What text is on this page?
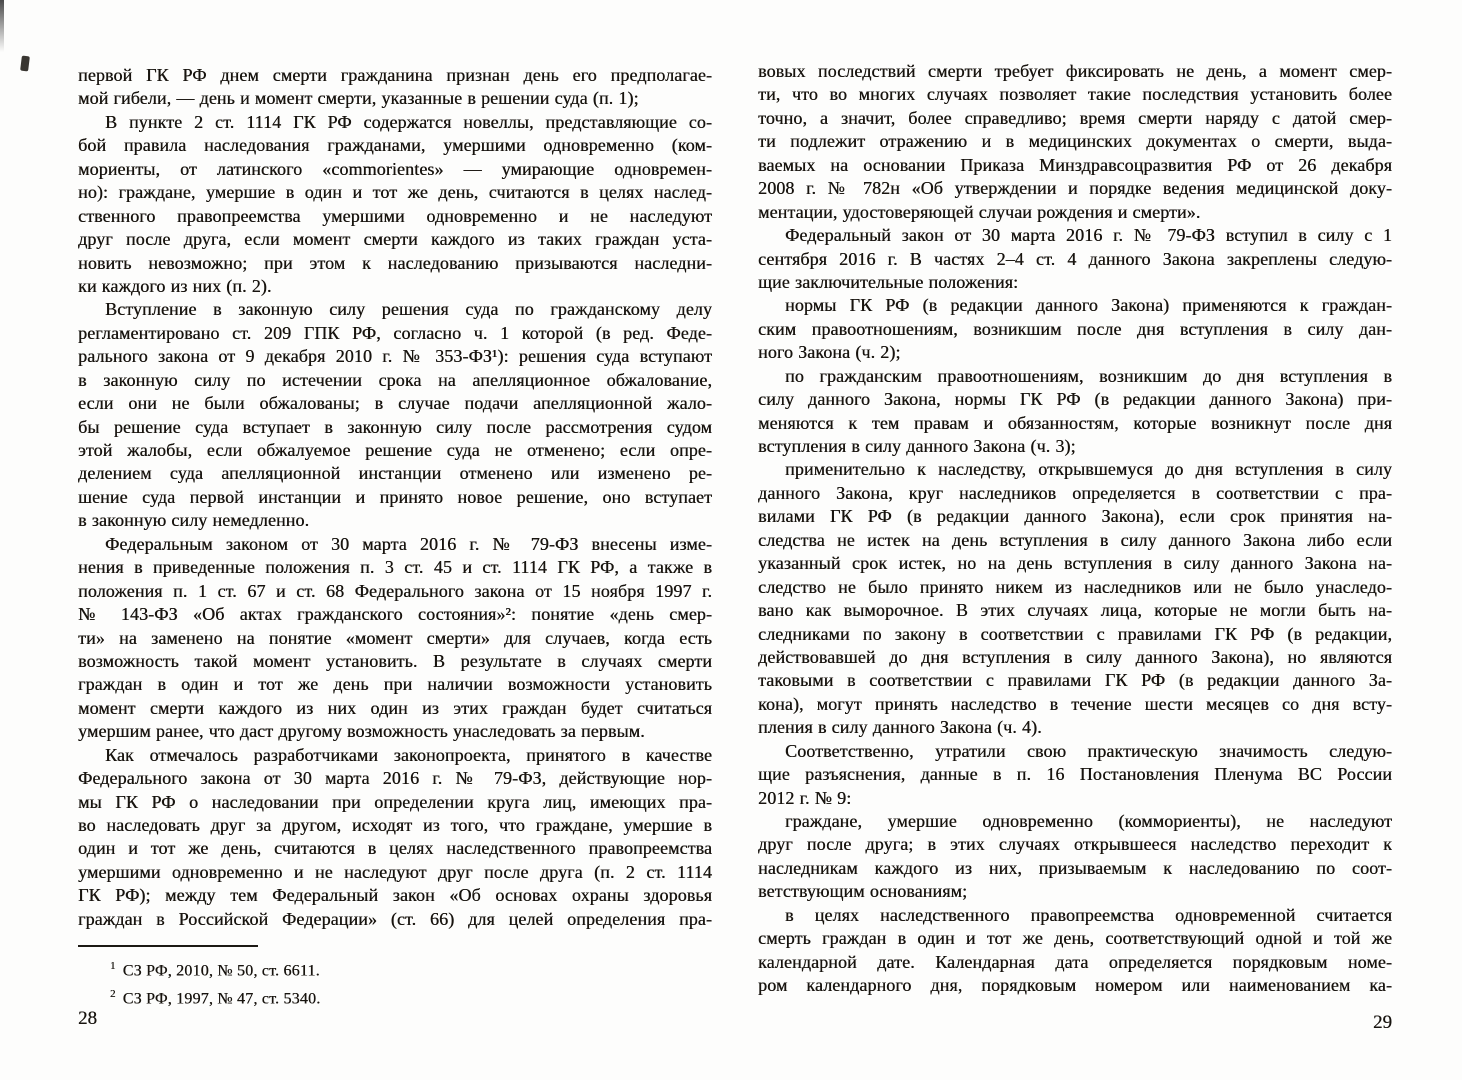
первой ГК РФ днем смерти гражданина признан день его предполагае-
мой гибели, — день и момент смерти, указанные в решении суда (п. 1);
В пункте 2 ст. 1114 ГК РФ содержатся новеллы, представляющие со-
бой правила наследования гражданами, умершими одновременно (ком-
мориенты, от латинского «commorientes» — умирающие одновремен-
но): граждане, умершие в один и тот же день, считаются в целях наслед-
ственного правопреемства умершими одновременно и не наследуют
друг после друга, если момент смерти каждого из таких граждан уста-
новить невозможно; при этом к наследованию призываются наследни-
ки каждого из них (п. 2).
Вступление в законную силу решения суда по гражданскому делу
регламентировано ст. 209 ГПК РФ, согласно ч. 1 которой (в ред. Феде-
рального закона от 9 декабря 2010 г. № 353-ФЗ¹): решения суда вступают
в законную силу по истечении срока на апелляционное обжалование,
если они не были обжалованы; в случае подачи апелляционной жало-
бы решение суда вступает в законную силу после рассмотрения судом
этой жалобы, если обжалуемое решение суда не отменено; если опре-
делением суда апелляционной инстанции отменено или изменено ре-
шение суда первой инстанции и принято новое решение, оно вступает
в законную силу немедленно.
Федеральным законом от 30 марта 2016 г. № 79-ФЗ внесены изме-
нения в приведенные положения п. 3 ст. 45 и ст. 1114 ГК РФ, а также в
положения п. 1 ст. 67 и ст. 68 Федерального закона от 15 ноября 1997 г.
№ 143-ФЗ «Об актах гражданского состояния»²: понятие «день смер-
ти» на заменено на понятие «момент смерти» для случаев, когда есть
возможность такой момент установить. В результате в случаях смерти
граждан в один и тот же день при наличии возможности установить
момент смерти каждого из них один из этих граждан будет считаться
умершим ранее, что даст другому возможность унаследовать за первым.
Как отмечалось разработчиками законопроекта, принятого в качестве
Федерального закона от 30 марта 2016 г. № 79-ФЗ, действующие нор-
мы ГК РФ о наследовании при определении круга лиц, имеющих пра-
во наследовать друг за другом, исходят из того, что граждане, умершие в
один и тот же день, считаются в целях наследственного правопреемства
умершими одновременно и не наследуют друг после друга (п. 2 ст. 1114
ГК РФ); между тем Федеральный закон «Об основах охраны здоровья
граждан в Российской Федерации» (ст. 66) для целей определения пра-
$^1$ СЗ РФ, 2010, № 50, ст. 6611.
$^2$ СЗ РФ, 1997, № 47, ст. 5340.
вовых последствий смерти требует фиксировать не день, а момент смер-
ти, что во многих случаях позволяет такие последствия установить более
точно, а значит, более справедливо; время смерти наряду с датой смер-
ти подлежит отражению и в медицинских документах о смерти, выда-
ваемых на основании Приказа Минздравсоцразвития РФ от 26 декабря
2008 г. № 782н «Об утверждении и порядке ведения медицинской доку-
ментации, удостоверяющей случаи рождения и смерти».
Федеральный закон от 30 марта 2016 г. № 79-ФЗ вступил в силу с 1
сентября 2016 г. В частях 2–4 ст. 4 данного Закона закреплены следую-
щие заключительные положения:
нормы ГК РФ (в редакции данного Закона) применяются к граждан-
ским правоотношениям, возникшим после дня вступления в силу дан-
ного Закона (ч. 2);
по гражданским правоотношениям, возникшим до дня вступления в
силу данного Закона, нормы ГК РФ (в редакции данного Закона) при-
меняются к тем правам и обязанностям, которые возникнут после дня
вступления в силу данного Закона (ч. 3);
применительно к наследству, открывшемуся до дня вступления в силу
данного Закона, круг наследников определяется в соответствии с пра-
вилами ГК РФ (в редакции данного Закона), если срок принятия на-
следства не истек на день вступления в силу данного Закона либо если
указанный срок истек, но на день вступления в силу данного Закона на-
следство не было принято никем из наследников или не было унаследо-
вано как выморочное. В этих случаях лица, которые не могли быть на-
следниками по закону в соответствии с правилами ГК РФ (в редакции,
действовавшей до дня вступления в силу данного Закона), но являются
таковыми в соответствии с правилами ГК РФ (в редакции данного За-
кона), могут принять наследство в течение шести месяцев со дня всту-
пления в силу данного Закона (ч. 4).
Соответственно, утратили свою практическую значимость следую-
щие разъяснения, данные в п. 16 Постановления Пленума ВС России
2012 г. № 9:
граждане, умершие одновременно (коммориенты), не наследуют
друг после друга; в этих случаях открывшееся наследство переходит к
наследникам каждого из них, призываемым к наследованию по соот-
ветствующим основаниям;
в целях наследственного правопреемства одновременной считается
смерть граждан в один и тот же день, соответствующий одной и той же
календарной дате. Календарная дата определяется порядковым номе-
ром календарного дня, порядковым номером или наименованием ка-
28	29
